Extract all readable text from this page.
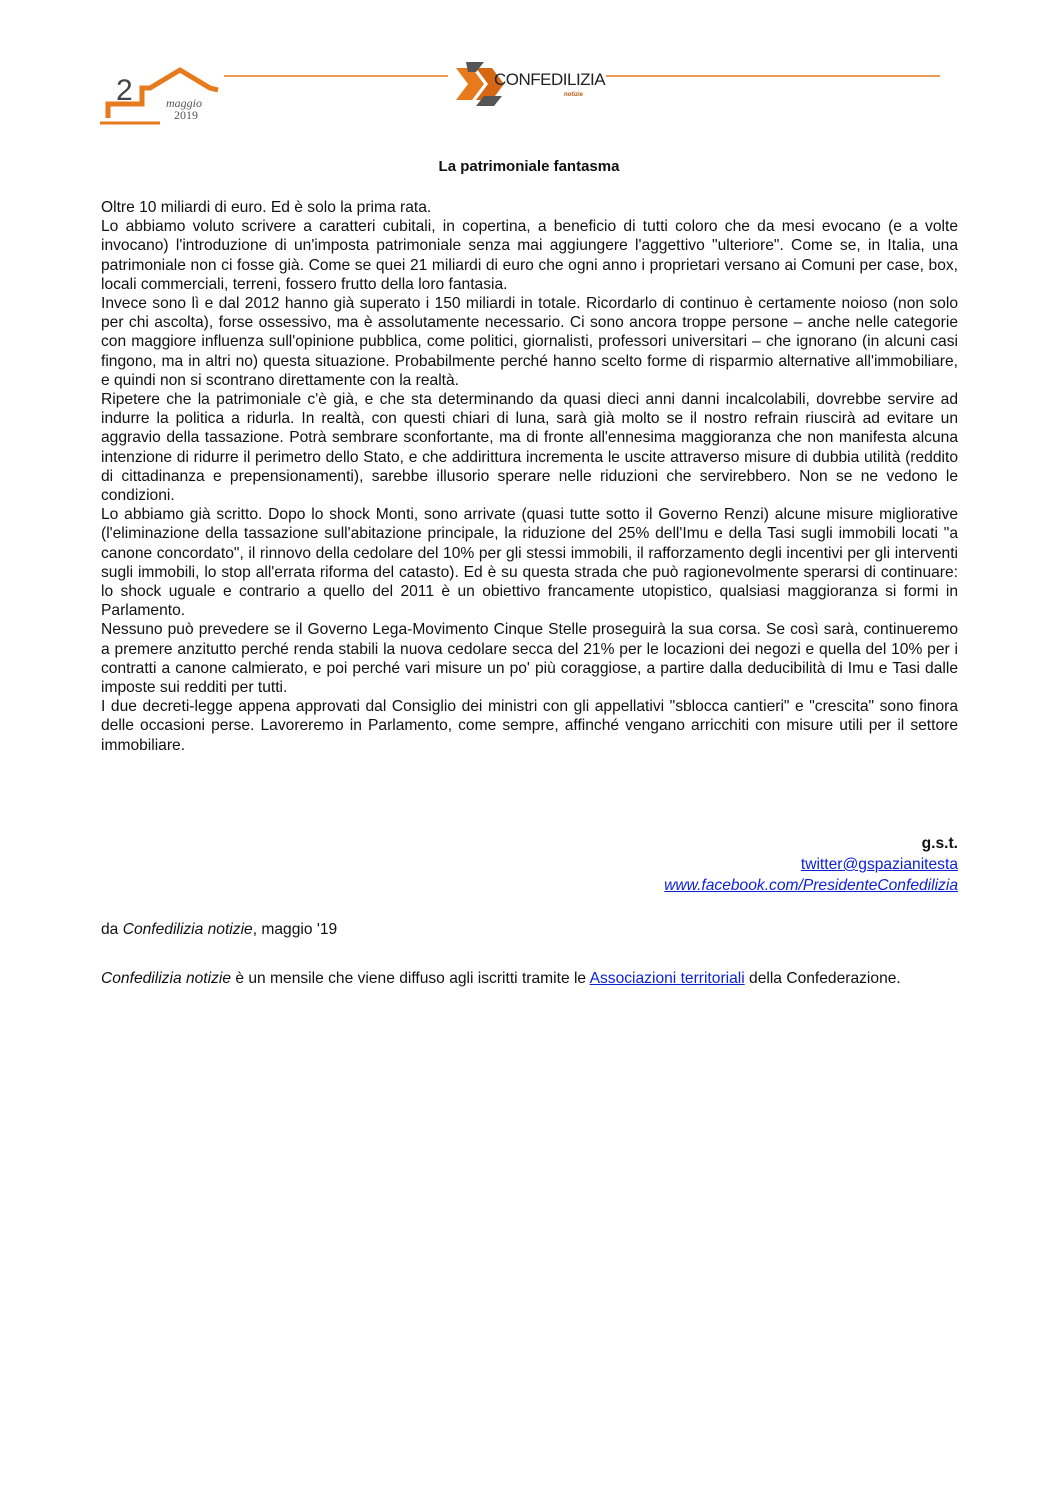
2	maggio
2019
CONFEDILIZIA
notizie
La patrimoniale fantasma

Oltre 10 miliardi di euro. Ed è solo la prima rata.

Lo abbiamo voluto scrivere a caratteri cubitali, in copertina, a beneficio di tutti coloro che da mesi evocano (e a volte invocano) l'introduzione di un'imposta patrimoniale senza mai aggiungere l'aggettivo "ulteriore". Come se, in Italia, una patrimoniale non ci fosse già. Come se quei 21 miliardi di euro che ogni anno i proprietari versano ai Comuni per case, box, locali commerciali, terreni, fossero frutto della loro fantasia.

Invece sono lì e dal 2012 hanno già superato i 150 miliardi in totale. Ricordarlo di continuo è certamente noioso (non solo per chi ascolta), forse ossessivo, ma è assolutamente necessario. Ci sono ancora troppe persone – anche nelle categorie con maggiore influenza sull'opinione pubblica, come politici, giornalisti, professori universitari – che ignorano (in alcuni casi fingono, ma in altri no) questa situazione. Probabilmente perché hanno scelto forme di risparmio alternative all'immobiliare, e quindi non si scontrano direttamente con la realtà.

Ripetere che la patrimoniale c'è già, e che sta determinando da quasi dieci anni danni incalcolabili, dovrebbe servire ad indurre la politica a ridurla. In realtà, con questi chiari di luna, sarà già molto se il nostro refrain riuscirà ad evitare un aggravio della tassazione. Potrà sembrare sconfortante, ma di fronte all'ennesima maggioranza che non manifesta alcuna intenzione di ridurre il perimetro dello Stato, e che addirittura incrementa le uscite attraverso misure di dubbia utilità (reddito di cittadinanza e prepensionamenti), sarebbe illusorio sperare nelle riduzioni che servirebbero. Non se ne vedono le condizioni.

Lo abbiamo già scritto. Dopo lo shock Monti, sono arrivate (quasi tutte sotto il Governo Renzi) alcune misure migliorative (l'eliminazione della tassazione sull'abitazione principale, la riduzione del 25% dell'Imu e della Tasi sugli immobili locati "a canone concordato", il rinnovo della cedolare del 10% per gli stessi immobili, il rafforzamento degli incentivi per gli interventi sugli immobili, lo stop all'errata riforma del catasto). Ed è su questa strada che può ragionevolmente sperarsi di continuare: lo shock uguale e contrario a quello del 2011 è un obiettivo francamente utopistico, qualsiasi maggioranza si formi in Parlamento.

Nessuno può prevedere se il Governo Lega-Movimento Cinque Stelle proseguirà la sua corsa. Se così sarà, continueremo a premere anzitutto perché renda stabili la nuova cedolare secca del 21% per le locazioni dei negozi e quella del 10% per i contratti a canone calmierato, e poi perché vari misure un po' più coraggiose, a partire dalla deducibilità di Imu e Tasi dalle imposte sui redditi per tutti.

I due decreti-legge appena approvati dal Consiglio dei ministri con gli appellativi "sblocca cantieri" e "crescita" sono finora delle occasioni perse. Lavoreremo in Parlamento, come sempre, affinché vengano arricchiti con misure utili per il settore immobiliare.

g.s.t.
twitter@gspazianitesta
www.facebook.com/PresidenteConfedilizia
da Confedilizia notizie, maggio '19
Confedilizia notizie è un mensile che viene diffuso agli iscritti tramite le Associazioni territoriali della Confederazione.
